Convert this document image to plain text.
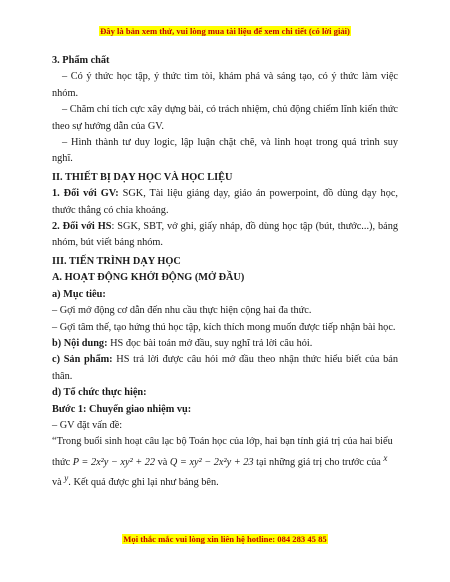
Đây là bản xem thử, vui lòng mua tài liệu để xem chi tiết (có lời giải)

3. Phẩm chất

– Có ý thức học tập, ý thức tìm tòi, khám phá và sáng tạo, có ý thức làm việc nhóm.

– Chăm chỉ tích cực xây dựng bài, có trách nhiệm, chủ động chiếm lĩnh kiến thức theo sự hướng dẫn của GV.

– Hình thành tư duy logic, lập luận chặt chẽ, và linh hoạt trong quá trình suy nghĩ.

II. THIẾT BỊ DẠY HỌC VÀ HỌC LIỆU

1. Đối với GV: SGK, Tài liệu giảng dạy, giáo án powerpoint, đồ dùng dạy học, thước thẳng có chia khoảng.

2. Đối với HS: SGK, SBT, vở ghi, giấy nháp, đồ dùng học tập (bút, thước...), bảng nhóm, bút viết bảng nhóm.

III. TIẾN TRÌNH DẠY HỌC

A. HOẠT ĐỘNG KHỞI ĐỘNG (MỞ ĐẦU)

a) Mục tiêu:

– Gợi mở động cơ dẫn đến nhu cầu thực hiện cộng hai đa thức.

– Gợi tâm thế, tạo hứng thú học tập, kích thích mong muốn được tiếp nhận bài học.

b) Nội dung: HS đọc bài toán mở đầu, suy nghĩ trả lời câu hỏi.

c) Sản phẩm: HS trả lời được câu hỏi mở đầu theo nhận thức hiểu biết của bản thân.

d) Tổ chức thực hiện:

Bước 1: Chuyển giao nhiệm vụ:

– GV đặt vấn đề:

“Trong buổi sinh hoạt câu lạc bộ Toán học của lớp, hai bạn tính giá trị của hai biểu

thức P = 2x²y − xy² + 22 và Q = xy² − 2x²y + 23 tại những giá trị cho trước của x

và y. Kết quả được ghi lại như bảng bên.

Mọi thắc mắc vui lòng xin liên hệ hotline: 084 283 45 85
